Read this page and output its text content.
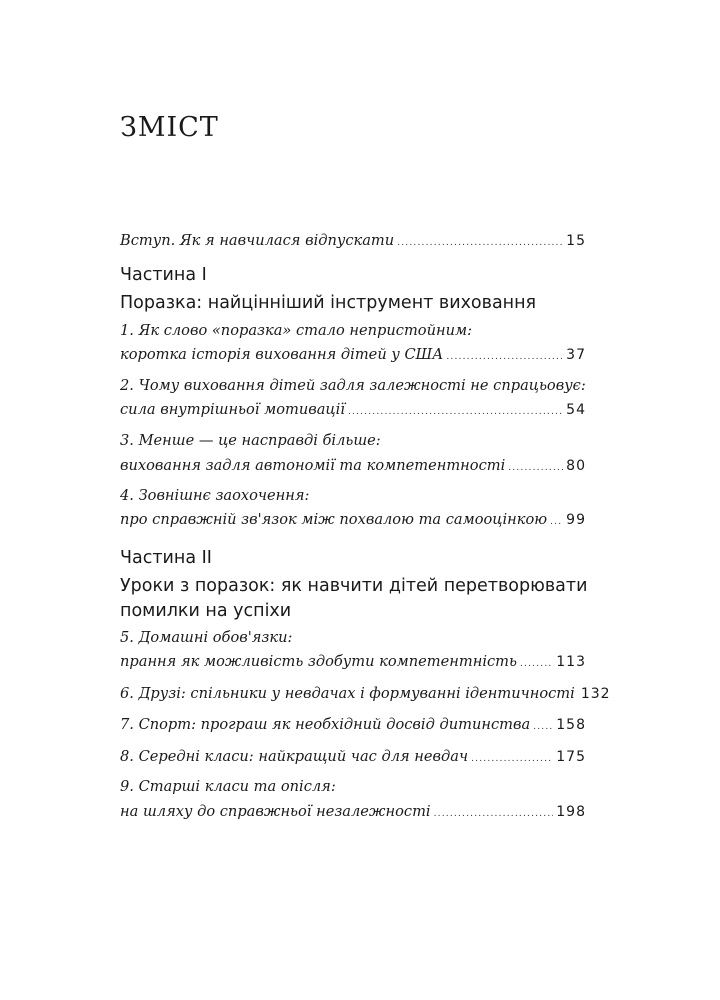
ЗМІСТ
Вступ. Як я навчилася відпускати .....	15
Частина I
Поразка: найцінніший інструмент виховання
1. Як слово «поразка» стало непристойним:
коротка історія виховання дітей у США .....	37
2. Чому виховання дітей задля залежності не спрацьовує:
сила внутрішньої мотивації .....	54
3. Менше — це насправді більше:
виховання задля автономії та компетентності .....	80
4. Зовнішнє заохочення:
про справжній зв'язок між похвалою та самооцінкою ..... 99
Частина II
Уроки з поразок: як навчити дітей перетворювати
помилки на успіхи
5. Домашні обов'язки:
прання як можливість здобути компетентність .....	113
6. Друзі: спільники у невдачах і формуванні ідентичності 132
7. Спорт: програш як необхідний досвід дитинства ..... 158
8. Середні класи: найкращий час для невдач .....	175
9. Старші класи та опісля:
на шляху до справжньої незалежності .....	198
